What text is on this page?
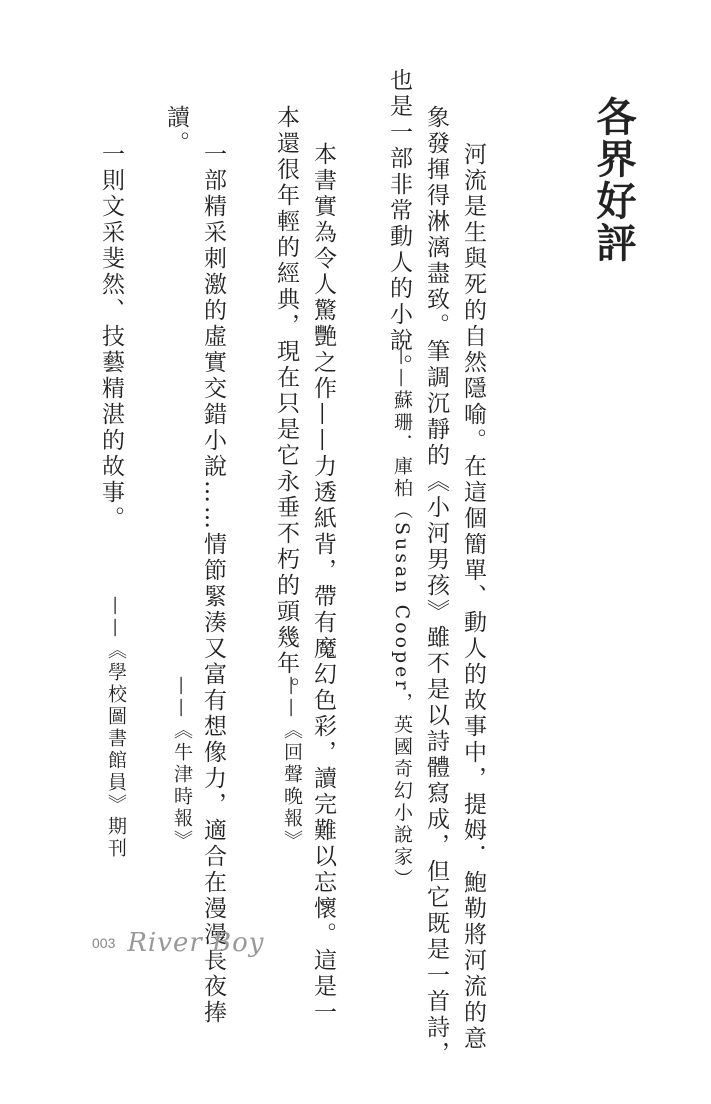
各界好評
河流是生與死的自然隱喻。在這個簡單、動人的故事中，提姆．鮑勒將河流的意
象發揮得淋漓盡致。筆調沉靜的《小河男孩》雖不是以詩體寫成，但它既是一首詩，
也是一部非常動人的小說。
——蘇珊．庫柏（Susan Cooper，英國奇幻小說家）
本書實為令人驚艷之作——力透紙背，帶有魔幻色彩，讀完難以忘懷。這是一
本還很年輕的經典，現在只是它永垂不朽的頭幾年。
——《回聲晚報》
一部精采刺激的虛實交錯小說……情節緊湊又富有想像力，適合在漫漫長夜捧
讀。
——《牛津時報》
一則文采斐然、技藝精湛的故事。
——《學校圖書館員》期刊
003 River Boy
